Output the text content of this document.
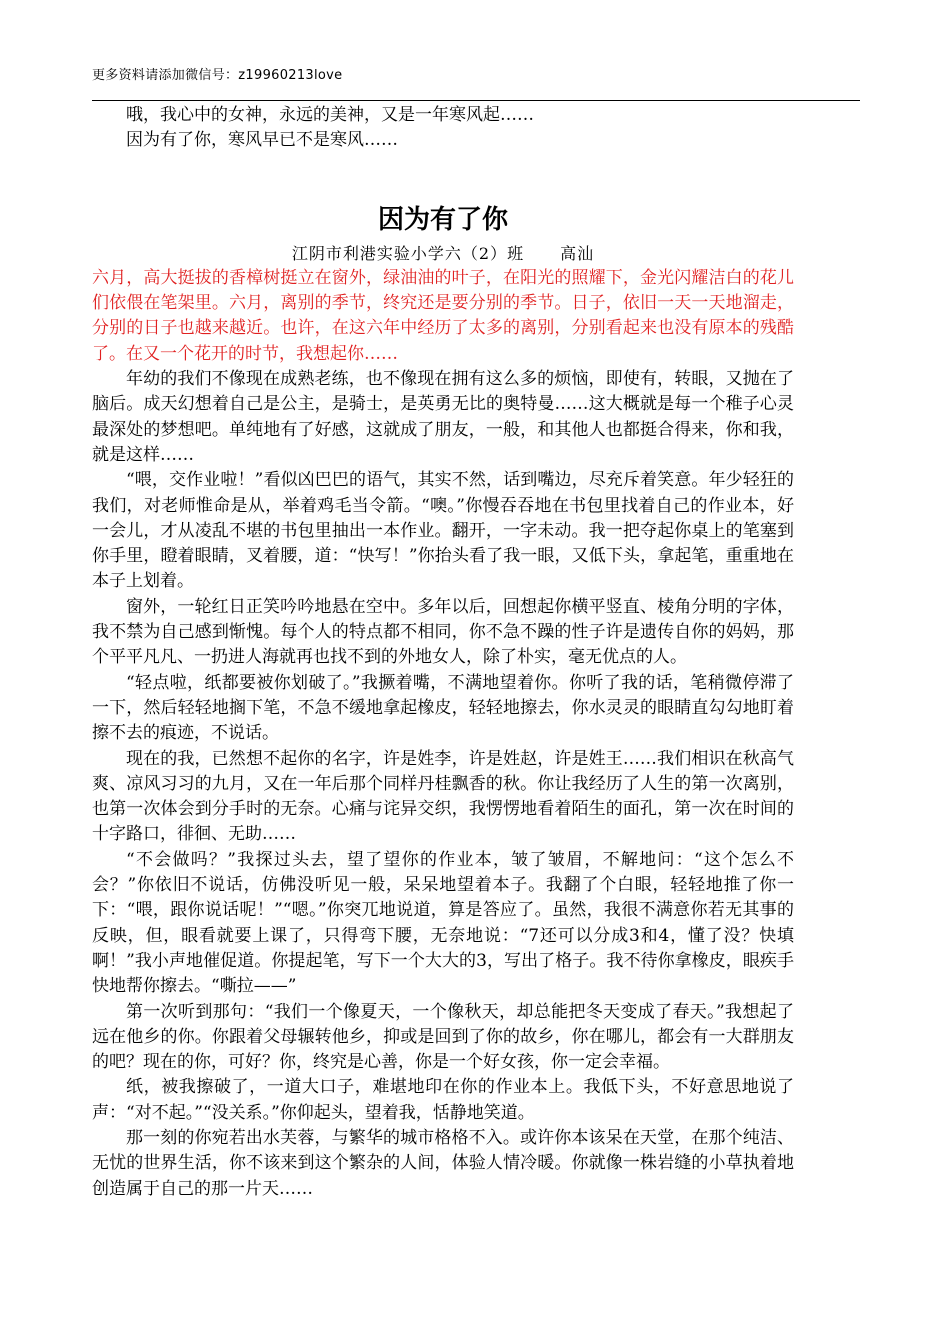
更多资料请添加微信号：z19960213love

哦，我心中的女神，永远的美神，又是一年寒风起……

因为有了你，寒风早已不是寒风……

因为有了你

江阴市利港实验小学六（2）班 高汕

六月，高大挺拔的香樟树挺立在窗外，绿油油的叶子，在阳光的照耀下，金光闪耀洁白的花儿们依偎在笔架里。六月，离别的季节，终究还是要分别的季节。日子，依旧一天一天地溜走，分别的日子也越来越近。也许，在这六年中经历了太多的离别，分别看起来也没有原本的残酷了。在又一个花开的时节，我想起你……

年幼的我们不像现在成熟老练，也不像现在拥有这么多的烦恼，即使有，转眼，又抛在了脑后。成天幻想着自己是公主，是骑士，是英勇无比的奥特曼……这大概就是每一个稚子心灵最深处的梦想吧。单纯地有了好感，这就成了朋友，一般，和其他人也都挺合得来，你和我，就是这样……

“喂，交作业啦！”看似凶巴巴的语气，其实不然，话到嘴边，尽充斥着笑意。年少轻狂的我们，对老师惟命是从，举着鸡毛当令箭。“噢。”你慢吞吞地在书包里找着自己的作业本，好一会儿，才从凌乱不堪的书包里抽出一本作业。翻开，一字未动。我一把夺起你桌上的笔塞到你手里，瞪着眼睛，叉着腰，道：“快写！”你抬头看了我一眼，又低下头，拿起笔，重重地在本子上划着。

窗外，一轮红日正笑吟吟地悬在空中。多年以后，回想起你横平竖直、棱角分明的字体，我不禁为自己感到惭愧。每个人的特点都不相同，你不急不躁的性子许是遗传自你的妈妈，那个平平凡凡、一扔进人海就再也找不到的外地女人，除了朴实，毫无优点的人。

“轻点啦，纸都要被你划破了。”我撅着嘴，不满地望着你。你听了我的话，笔稍微停滞了一下，然后轻轻地搁下笔，不急不缓地拿起橡皮，轻轻地擦去，你水灵灵的眼睛直勾勾地盯着擦不去的痕迹，不说话。

现在的我，已然想不起你的名字，许是姓李，许是姓赵，许是姓王……我们相识在秋高气爽、凉风习习的九月，又在一年后那个同样丹桂飘香的秋。你让我经历了人生的第一次离别，也第一次体会到分手时的无奈。心痛与诧异交织，我愣愣地看着陌生的面孔，第一次在时间的十字路口，徘徊、无助……

“不会做吗？”我探过头去，望了望你的作业本，皱了皱眉，不解地问：“这个怎么不会？”你依旧不说话，仿佛没听见一般，呆呆地望着本子。我翻了个白眼，轻轻地推了你一下：“喂，跟你说话呢！”“嗯。”你突兀地说道，算是答应了。虽然，我很不满意你若无其事的反映，但，眼看就要上课了，只得弯下腰，无奈地说：“7还可以分成3和4，懂了没？快填啊！”我小声地催促道。你提起笔，写下一个大大的3，写出了格子。我不待你拿橡皮，眼疾手快地帮你擦去。“嘶拉——”

第一次听到那句：“我们一个像夏天，一个像秋天，却总能把冬天变成了春天。”我想起了远在他乡的你。你跟着父母辗转他乡，抑或是回到了你的故乡，你在哪儿，都会有一大群朋友的吧？现在的你，可好？你，终究是心善，你是一个好女孩，你一定会幸福。

纸，被我擦破了，一道大口子，难堪地印在你的作业本上。我低下头，不好意思地说了声：“对不起。”“没关系。”你仰起头，望着我，恬静地笑道。

那一刻的你宛若出水芙蓉，与繁华的城市格格不入。或许你本该呆在天堂，在那个纯洁、无忧的世界生活，你不该来到这个繁杂的人间，体验人情冷暖。你就像一株岩缝的小草执着地创造属于自己的那一片天……
